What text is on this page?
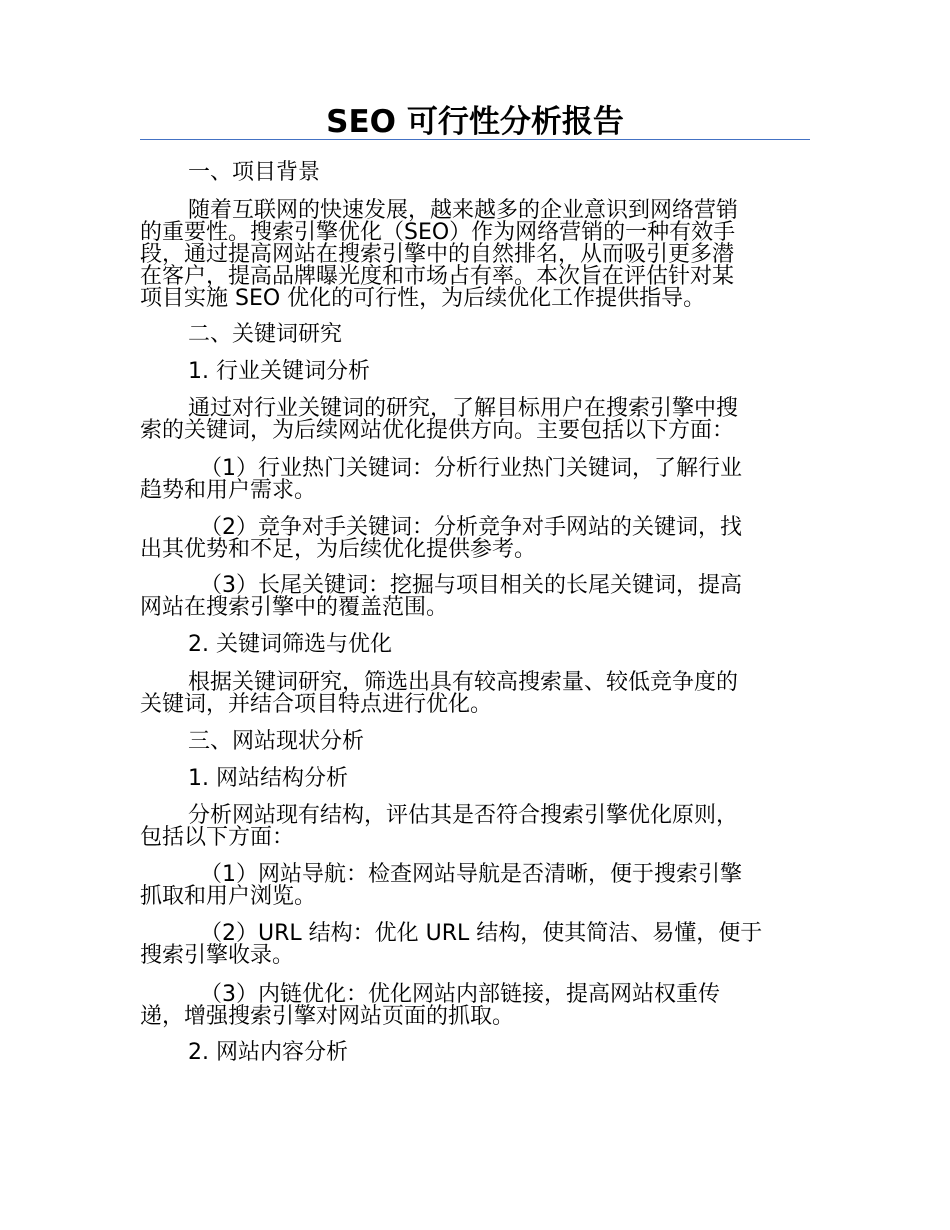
SEO 可行性分析报告
一、项目背景
随着互联网的快速发展，越来越多的企业意识到网络营销
的重要性。搜索引擎优化（SEO）作为网络营销的一种有效手
段，通过提高网站在搜索引擎中的自然排名，从而吸引更多潜
在客户，提高品牌曝光度和市场占有率。本次旨在评估针对某
项目实施 SEO 优化的可行性，为后续优化工作提供指导。
二、关键词研究
1. 行业关键词分析
通过对行业关键词的研究，了解目标用户在搜索引擎中搜
索的关键词，为后续网站优化提供方向。主要包括以下方面：
（1）行业热门关键词：分析行业热门关键词，了解行业
趋势和用户需求。
（2）竞争对手关键词：分析竞争对手网站的关键词，找
出其优势和不足，为后续优化提供参考。
（3）长尾关键词：挖掘与项目相关的长尾关键词，提高
网站在搜索引擎中的覆盖范围。
2. 关键词筛选与优化
根据关键词研究，筛选出具有较高搜索量、较低竞争度的
关键词，并结合项目特点进行优化。
三、网站现状分析
1. 网站结构分析
分析网站现有结构，评估其是否符合搜索引擎优化原则，
包括以下方面：
（1）网站导航：检查网站导航是否清晰，便于搜索引擎
抓取和用户浏览。
（2）URL 结构：优化 URL 结构，使其简洁、易懂，便于
搜索引擎收录。
（3）内链优化：优化网站内部链接，提高网站权重传
递，增强搜索引擎对网站页面的抓取。
2. 网站内容分析
